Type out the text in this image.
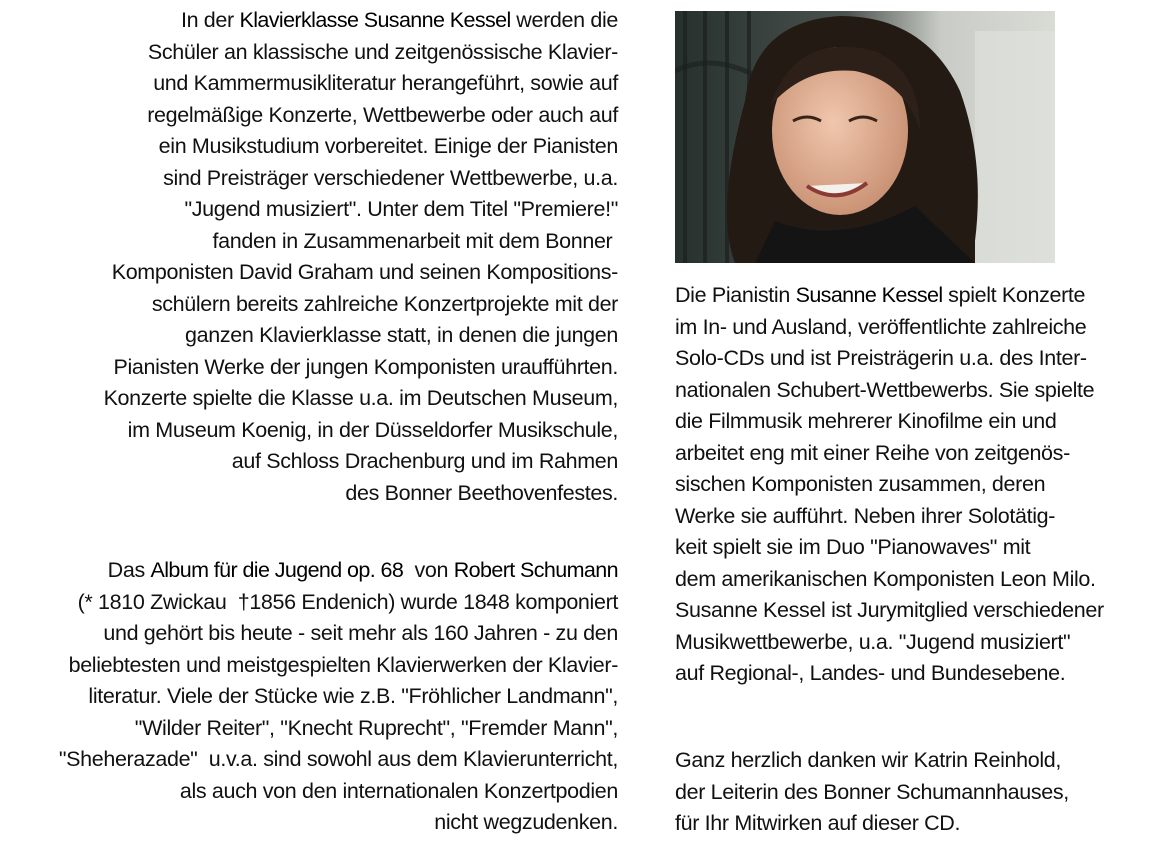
In der Klavierklasse Susanne Kessel werden die
Schüler an klassische und zeitgenössische Klavier-
und Kammermusikliteratur herangeführt, sowie auf
regelmäßige Konzerte, Wettbewerbe oder auch auf
ein Musikstudium vorbereitet. Einige der Pianisten
sind Preisträger verschiedener Wettbewerbe, u.a.
"Jugend musiziert". Unter dem Titel "Premiere!"
fanden in Zusammenarbeit mit dem Bonner
Komponisten David Graham und seinen Kompositions-
schülern bereits zahlreiche Konzertprojekte mit der
ganzen Klavierklasse statt, in denen die jungen
Pianisten Werke der jungen Komponisten uraufführten.
Konzerte spielte die Klasse u.a. im Deutschen Museum,
im Museum Koenig, in der Düsseldorfer Musikschule,
auf Schloss Drachenburg und im Rahmen
des Bonner Beethovenfestes.
Das Album für die Jugend op. 68  von Robert Schumann
(* 1810 Zwickau  †1856 Endenich) wurde 1848 komponiert
und gehört bis heute - seit mehr als 160 Jahren - zu den
beliebtesten und meistgespielten Klavierwerken der Klavier-
literatur. Viele der Stücke wie z.B. "Fröhlicher Landmann",
"Wilder Reiter", "Knecht Ruprecht", "Fremder Mann",
"Sheherazade"  u.v.a. sind sowohl aus dem Klavierunterricht,
als auch von den internationalen Konzertpodien
nicht wegzudenken.
Die Pianistin Susanne Kessel spielt Konzerte
im In- und Ausland, veröffentlichte zahlreiche
Solo-CDs und ist Preisträgerin u.a. des Inter-
nationalen Schubert-Wettbewerbs. Sie spielte
die Filmmusik mehrerer Kinofilme ein und
arbeitet eng mit einer Reihe von zeitgenös-
sischen Komponisten zusammen, deren
Werke sie aufführt. Neben ihrer Solotätig-
keit spielt sie im Duo "Pianowaves" mit
dem amerikanischen Komponisten Leon Milo.
Susanne Kessel ist Jurymitglied verschiedener
Musikwettbewerbe, u.a. "Jugend musiziert"
auf Regional-, Landes- und Bundesebene.
Ganz herzlich danken wir Katrin Reinhold,
der Leiterin des Bonner Schumannhauses,
für Ihr Mitwirken auf dieser CD.
